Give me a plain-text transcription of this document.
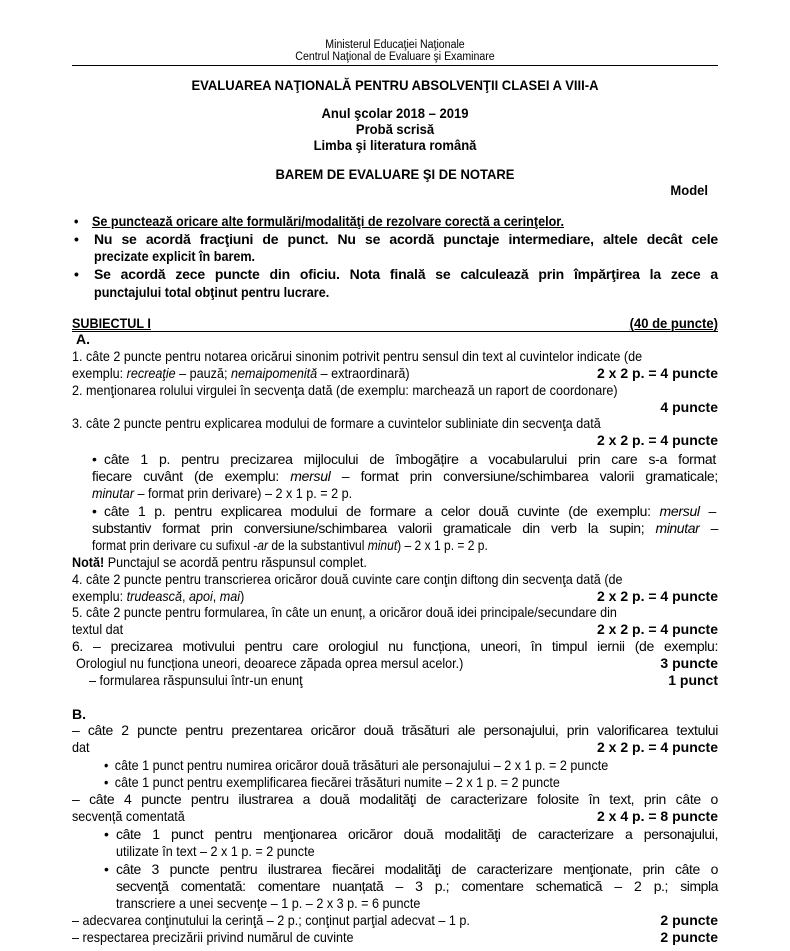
Ministerul Educaţiei Naţionale
Centrul Naţional de Evaluare şi Examinare
EVALUAREA NAŢIONALĂ PENTRU ABSOLVENŢII CLASEI A VIII-A
Anul şcolar 2018 – 2019
Probă scrisă
Limba şi literatura română
BAREM DE EVALUARE ŞI DE NOTARE
Model
• Se punctează oricare alte formulări/modalităţi de rezolvare corectă a cerinţelor.
• Nu se acordă fracţiuni de punct. Nu se acordă punctaje intermediare, altele decât cele
precizate explicit în barem.
• Se acordă zece puncte din oficiu. Nota finală se calculează prin împărţirea la zece a
punctajului total obţinut pentru lucrare.
SUBIECTUL I	(40 de puncte)
A.
1. câte 2 puncte pentru notarea oricărui sinonim potrivit pentru sensul din text al cuvintelor indicate (de
exemplu: recreaţie – pauză; nemaipomenită – extraordinară)	2 x 2 p. = 4 puncte
2. menţionarea rolului virgulei în secvenţa dată (de exemplu: marchează un raport de coordonare)
4 puncte
3. câte 2 puncte pentru explicarea modului de formare a cuvintelor subliniate din secvenţa dată
2 x 2 p. = 4 puncte
• câte 1 p. pentru precizarea mijlocului de îmbogățire a vocabularului prin care s-a format
fiecare cuvânt (de exemplu: mersul – format prin conversiune/schimbarea valorii gramaticale;
minutar – format prin derivare) – 2 x 1 p. = 2 p.
• câte 1 p. pentru explicarea modului de formare a celor două cuvinte (de exemplu: mersul –
substantiv format prin conversiune/schimbarea valorii gramaticale din verb la supin; minutar –
format prin derivare cu sufixul -ar de la substantivul minut) – 2 x 1 p. = 2 p.
Notă! Punctajul se acordă pentru răspunsul complet.
4. câte 2 puncte pentru transcrierea oricăror două cuvinte care conţin diftong din secvenţa dată (de
exemplu: trudească, apoi, mai)	2 x 2 p. = 4 puncte
5. câte 2 puncte pentru formularea, în câte un enunț, a oricăror două idei principale/secundare din
textul dat	2 x 2 p. = 4 puncte
6. – precizarea motivului pentru care orologiul nu funcționa, uneori, în timpul iernii (de exemplu:
Orologiul nu funcționa uneori, deoarece zăpada oprea mersul acelor.)	3 puncte
– formularea răspunsului într-un enunţ	1 punct
B.
– câte 2 puncte pentru prezentarea oricăror două trăsături ale personajului, prin valorificarea textului
dat	2 x 2 p. = 4 puncte
• câte 1 punct pentru numirea oricăror două trăsături ale personajului – 2 x 1 p. = 2 puncte
• câte 1 punct pentru exemplificarea fiecărei trăsături numite – 2 x 1 p. = 2 puncte
– câte 4 puncte pentru ilustrarea a două modalităţi de caracterizare folosite în text, prin câte o
secvență comentată	2 x 4 p. = 8 puncte
• câte 1 punct pentru menţionarea oricăror două modalităţi de caracterizare a personajului,
utilizate în text – 2 x 1 p. = 2 puncte
• câte 3 puncte pentru ilustrarea fiecărei modalităţi de caracterizare menţionate, prin câte o
secvenţă comentată: comentare nuanțată – 3 p.; comentare schematică – 2 p.; simpla
transcriere a unei secvenţe – 1 p. – 2 x 3 p. = 6 puncte
– adecvarea conţinutului la cerinţă – 2 p.; conţinut parţial adecvat – 1 p.	2 puncte
– respectarea precizării privind numărul de cuvinte	2 puncte
